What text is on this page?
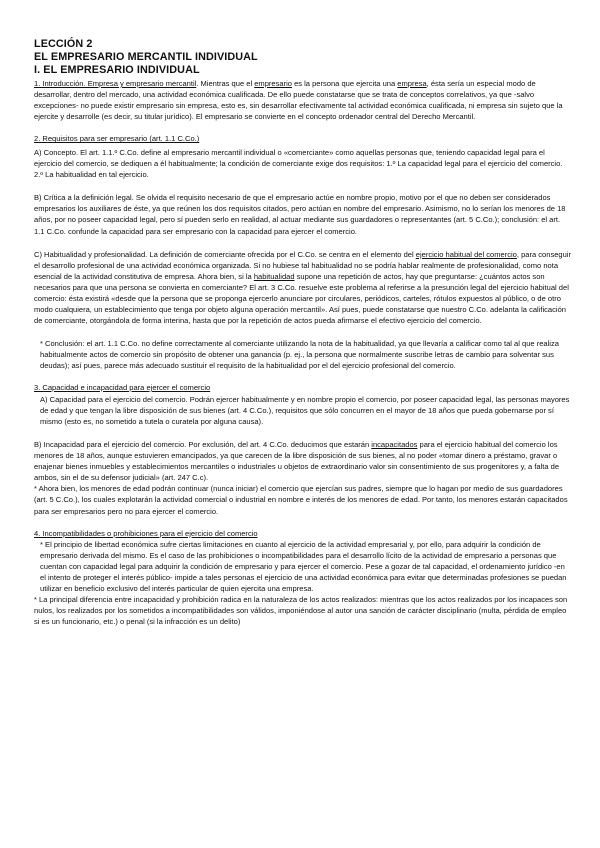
LECCIÓN 2

EL EMPRESARIO MERCANTIL INDIVIDUAL

I. EL EMPRESARIO INDIVIDUAL

1. Introducción. Empresa y empresario mercantil. Mientras que el empresario es la persona que ejercita una empresa, ésta sería un especial modo de desarrollar, dentro del mercado, una actividad económica cualificada. De ello puede constatarse que se trata de conceptos correlativos, ya que -salvo excepciones- no puede existir empresario sin empresa, esto es, sin desarrollar efectivamente tal actividad económica cualificada, ni empresa sin sujeto que la ejercite y desarrolle (es decir, su titular jurídico). El empresario se convierte en el concepto ordenador central del Derecho Mercantil.

2. Requisitos para ser empresario (art. 1.1 C.Co.)

A) Concepto. El art. 1.1.º C.Co. define al empresario mercantil individual o «comerciante» como aquellas personas que, teniendo capacidad legal para el ejercicio del comercio, se dediquen a él habitualmente; la condición de comerciante exige dos requisitos: 1.º La capacidad legal para el ejercicio del comercio. 2.º La habitualidad en tal ejercicio.

B) Crítica a la definición legal. Se olvida el requisito necesario de que el empresario actúe en nombre propio, motivo por el que no deben ser considerados empresarios los auxiliares de éste, ya que reúnen los dos requisitos citados, pero actúan en nombre del empresario. Asimismo, no lo serían los menores de 18 años, por no poseer capacidad legal, pero sí pueden serlo en realidad, al actuar mediante sus guardadores o representantes (art. 5 C.Co.); conclusión: el art. 1.1 C.Co. confunde la capacidad para ser empresario con la capacidad para ejercer el comercio.

C) Habitualidad y profesionalidad. La definición de comerciante ofrecida por el C.Co. se centra en el elemento del ejercicio habitual del comercio, para conseguir el desarrollo profesional de una actividad económica organizada. Si no hubiese tal habitualidad no se podría hablar realmente de profesionalidad, como nota esencial de la actividad constitutiva de empresa. Ahora bien, si la habitualidad supone una repetición de actos, hay que preguntarse: ¿cuántos actos son necesarios para que una persona se convierta en comerciante? El art. 3 C.Co. resuelve este problema al referirse a la presunción legal del ejercicio habitual del comercio: ésta existirá «desde que la persona que se proponga ejercerlo anunciare por circulares, periódicos, carteles, rótulos expuestos al público, o de otro modo cualquiera, un establecimiento que tenga por objeto alguna operación mercantil». Así pues, puede constatarse que nuestro C.Co. adelanta la calificación de comerciante, otorgándola de forma interina, hasta que por la repetición de actos pueda afirmarse el efectivo ejercicio del comercio.

* Conclusión: el art. 1.1 C.Co. no define correctamente al comerciante utilizando la nota de la habitualidad, ya que llevaría a calificar como tal al que realiza habitualmente actos de comercio sin propósito de obtener una ganancia (p. ej., la persona que normalmente suscribe letras de cambio para solventar sus deudas); así pues, parece más adecuado sustituir el requisito de la habitualidad por el del ejercicio profesional del comercio.

3. Capacidad e incapacidad para ejercer el comercio

A) Capacidad para el ejercicio del comercio. Podrán ejercer habitualmente y en nombre propio el comercio, por poseer capacidad legal, las personas mayores de edad y que tengan la libre disposición de sus bienes (art. 4 C.Co.), requisitos que sólo concurren en el mayor de 18 años que pueda gobernarse por sí mismo (esto es, no sometido a tutela o curatela por alguna causa).

B) Incapacidad para el ejercicio del comercio. Por exclusión, del art. 4 C.Co. deducimos que estarán incapacitados para el ejercicio habitual del comercio los menores de 18 años, aunque estuvieren emancipados, ya que carecen de la libre disposición de sus bienes, al no poder «tomar dinero a préstamo, gravar o enajenar bienes inmuebles y establecimientos mercantiles o industriales u objetos de extraordinario valor sin consentimiento de sus progenitores y, a falta de ambos, sin el de su defensor judicial» (art. 247 C.c).

* Ahora bien, los menores de edad podrán continuar (nunca iniciar) el comercio que ejercían sus padres, siempre que lo hagan por medio de sus guardadores (art. 5 C.Co.), los cuales explotarán la actividad comercial o industrial en nombre e interés de los menores de edad. Por tanto, los menores estarán capacitados para ser empresarios pero no para ejercer el comercio.

4. Incompatibilidades o prohibiciones para el ejercicio del comercio

* El principio de libertad económica sufre ciertas limitaciones en cuanto al ejercicio de la actividad empresarial y, por ello, para adquirir la condición de empresario derivada del mismo. Es el caso de las prohibiciones o incompatibilidades para el desarrollo lícito de la actividad de empresario a personas que cuentan con capacidad legal para adquirir la condición de empresario y para ejercer el comercio. Pese a gozar de tal capacidad, el ordenamiento jurídico -en el intento de proteger el interés público- impide a tales personas el ejercicio de una actividad económica para evitar que determinadas profesiones se puedan utilizar en beneficio exclusivo del interés particular de quien ejercita una empresa.

* La principal diferencia entre incapacidad y prohibición radica en la naturaleza de los actos realizados: mientras que los actos realizados por los incapaces son nulos, los realizados por los sometidos a incompatibilidades son válidos, imponiéndose al autor una sanción de carácter disciplinario (multa, pérdida de empleo si es un funcionario, etc.) o penal (si la infracción es un delito)
